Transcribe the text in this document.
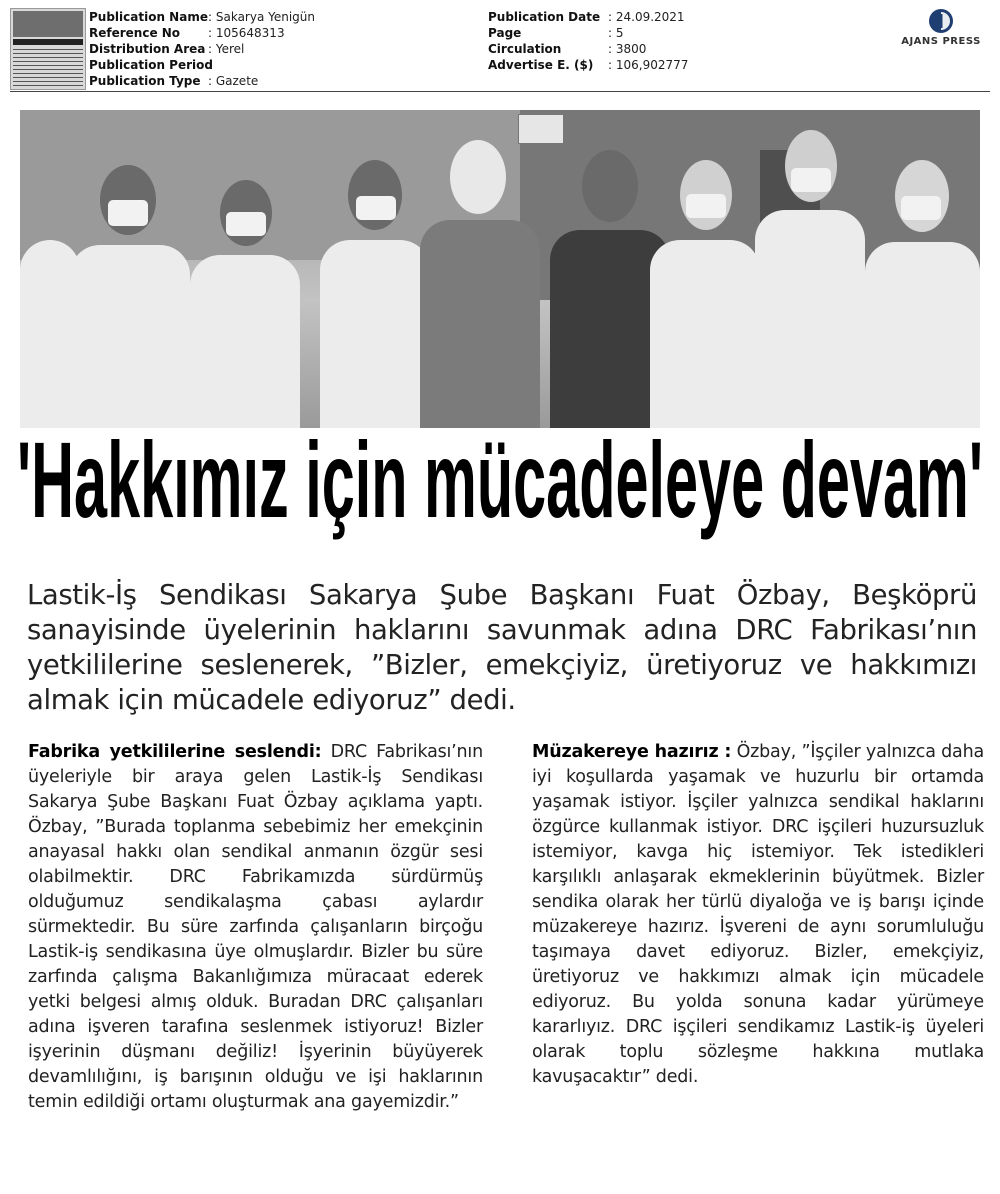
Publication Name : Sakarya Yenigün
Reference No	: 105648313
Distribution Area : Yerel
Publication Period
:
Publication Type	: Gazete
Publication Date	: 24.09.2021
Page	: 5
Circulation	: 3800
Advertise E. ($)	: 106,902777
AJANS PRESS
'Hakkımız için mücadeleye devam'

Lastik-İş Sendikası Sakarya Şube Başkanı Fuat Özbay, Beşköprü sanayisinde üyelerinin haklarını savunmak adına DRC Fabrikası’nın yetkililerine seslenerek, ”Bizler, emekçiyiz, üretiyoruz ve hakkımızı almak için mücadele ediyoruz” dedi.

Fabrika yetkililerine seslendi: DRC Fabrikası’nın üyeleriyle bir araya gelen Lastik-İş Sendikası Sakarya Şube Başkanı Fuat Özbay açıklama yaptı. Özbay, ”Burada toplanma sebebimiz her emekçinin anayasal hakkı olan sendikal anmanın özgür sesi olabilmektir. DRC Fabrikamızda sürdürmüş olduğumuz sendikalaşma çabası aylardır sürmektedir. Bu süre zarfında çalışanların birçoğu Lastik-iş sendikasına üye olmuşlardır. Bizler bu süre zarfında çalışma Bakanlığımıza müracaat ederek yetki belgesi almış olduk. Buradan DRC çalışanları adına işveren tarafına seslenmek istiyoruz! Bizler işyerinin düşmanı değiliz! İşyerinin büyüyerek devamlılığını, iş barışının olduğu ve işi haklarının temin edildiği ortamı oluşturmak ana gayemizdir.”

Müzakereye hazırız : Özbay, ”İşçiler yalnızca daha iyi koşullarda yaşamak ve huzurlu bir ortamda yaşamak istiyor. İşçiler yalnızca sendikal haklarını özgürce kullanmak istiyor. DRC işçileri huzursuzluk istemiyor, kavga hiç istemiyor. Tek istedikleri karşılıklı anlaşarak ekmeklerinin büyütmek. Bizler sendika olarak her türlü diyaloğa ve iş barışı içinde müzakereye hazırız. İşvereni de aynı sorumluluğu taşımaya davet ediyoruz. Bizler, emekçiyiz, üretiyoruz ve hakkımızı almak için mücadele ediyoruz. Bu yolda sonuna kadar yürümeye kararlıyız. DRC işçileri sendikamız Lastik-iş üyeleri olarak toplu sözleşme hakkına mutlaka kavuşacaktır” dedi.
